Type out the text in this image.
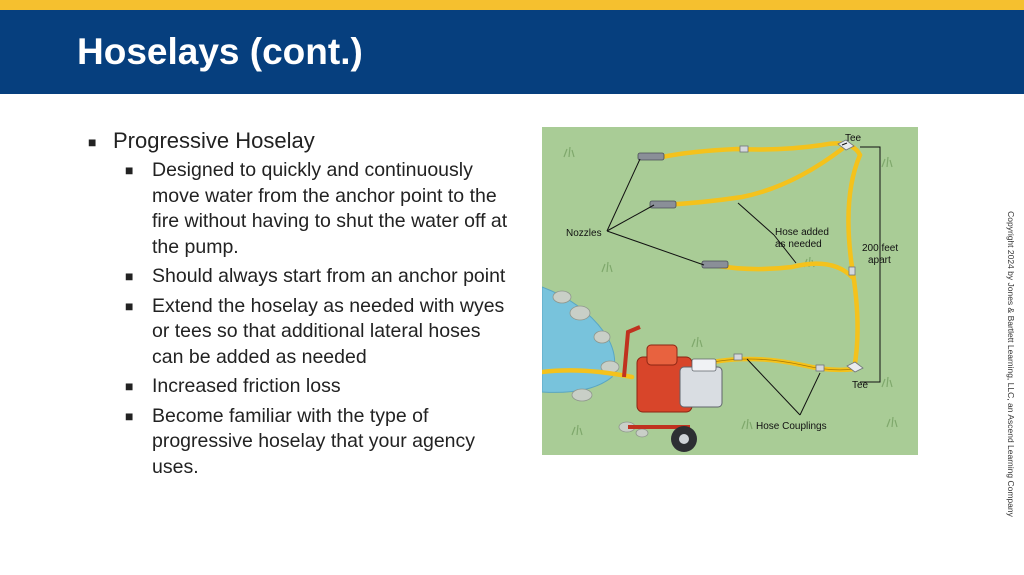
Hoselays (cont.)
■ Progressive Hoselay
■ Designed to quickly and continuously move water from the anchor point to the fire without having to shut the water off at the pump.
■ Should always start from an anchor point
■ Extend the hoselay as needed with wyes or tees so that additional lateral hoses can be added as needed
■ Increased friction loss
■ Become familiar with the type of progressive hoselay that your agency uses.
Tee
Nozzles	Hose added
as needed	200 feet
apart
Tee
Hose Couplings	Copyright 2024 by Jones & Bartlett Learning, LLC, an Ascend Learning Company
